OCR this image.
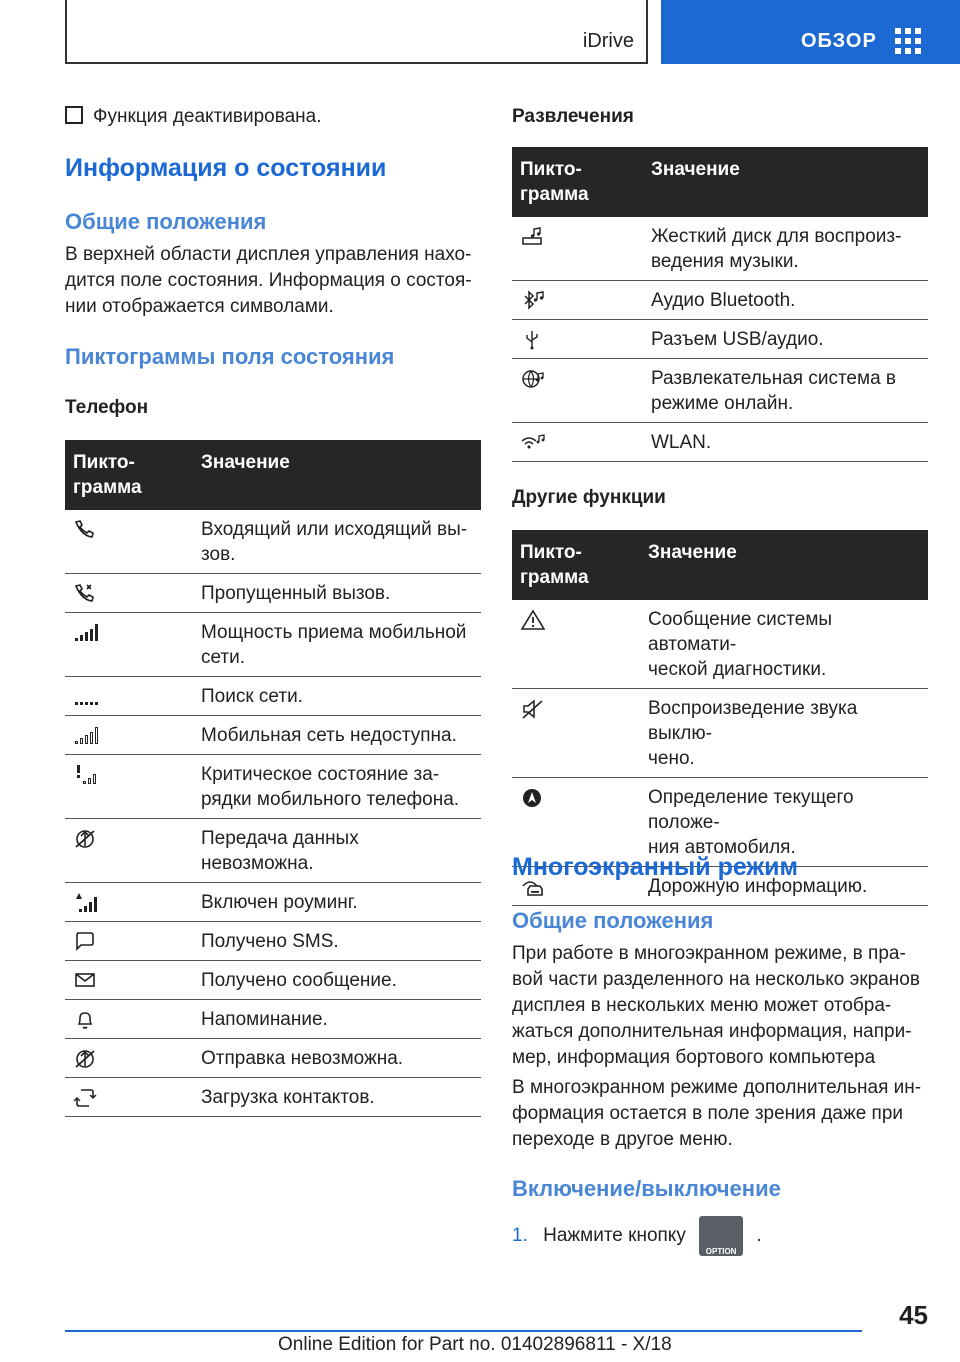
iDrive	ОБЗОР
Функция деактивирована.
Информация о состоянии
Общие положения
В верхней области дисплея управления нахо-
дится поле состояния. Информация о состоя-
нии отображается символами.
Пиктограммы поля состояния
Телефон
Пикто-
грамма	Значение

	Входящий или исходящий вы-
зов.

	Пропущенный вызов.

	Мощность приема мобильной
сети.

	Поиск сети.

	Мобильная сеть недоступна.

	Критическое состояние за-
рядки мобильного телефона.

	Передача данных невозможна.

	Включен роуминг.

	Получено SMS.

	Получено сообщение.

	Напоминание.

	Отправка невозможна.

	Загрузка контактов.
Развлечения
Пикто-
грамма	Значение

	Жесткий диск для воспроиз-
ведения музыки.

	Аудио Bluetooth.

	Разъем USB/аудио.

	Развлекательная система в
режиме онлайн.

	WLAN.
Другие функции
Пикто-
грамма	Значение

	Сообщение системы автомати-
ческой диагностики.

	Воспроизведение звука выклю-
чено.

	Определение текущего положе-
ния автомобиля.

	Дорожную информацию.
Многоэкранный режим
Общие положения
При работе в многоэкранном режиме, в пра-
вой части разделенного на несколько экранов
дисплея в нескольких меню может отобра-
жаться дополнительная информация, напри-
мер, информация бортового компьютера
В многоэкранном режиме дополнительная ин-
формация остается в поле зрения даже при
переходе в другое меню.
Включение/выключение
1. Нажмите кнопку
OPTION
.
45
Online Edition for Part no. 01402896811 - X/18
